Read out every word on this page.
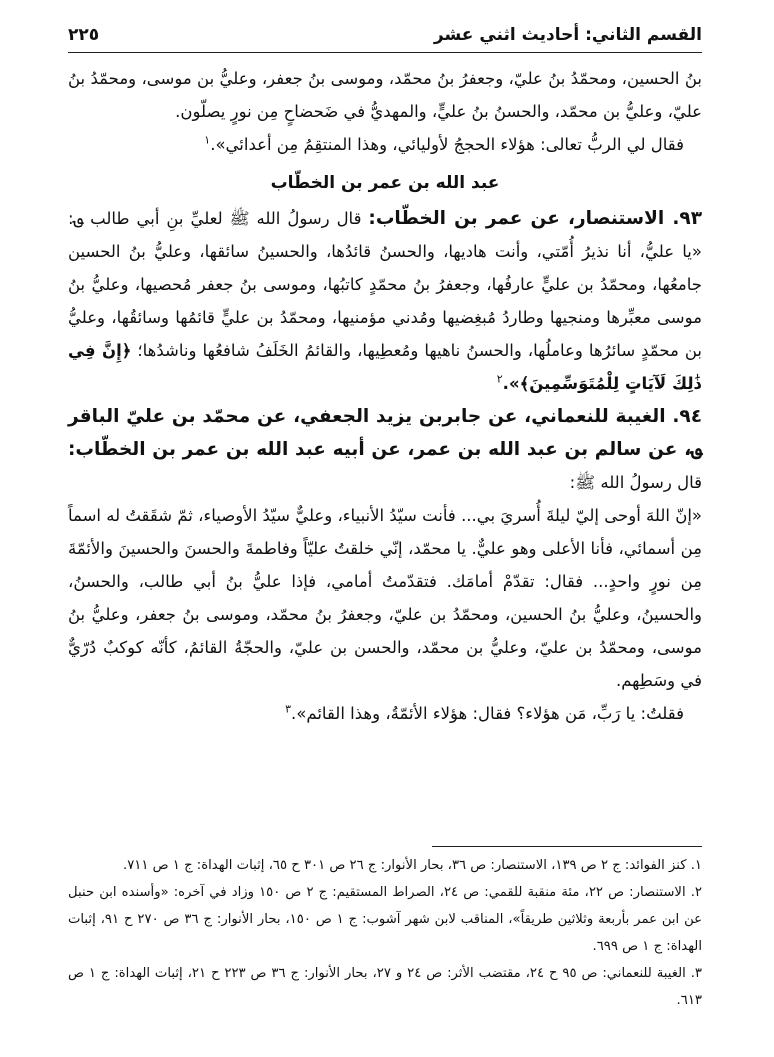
القسم الثاني: أحاديث اثني عشر
٢٢٥

بنُ الحسين، ومحمّدُ بنُ عليّ، وجعفرُ بنُ محمّد، وموسى بنُ جعفر، وعليُّ بن موسى، ومحمّدُ بنُ عليّ، وعليُّ بن محمّد، والحسنُ بنُ عليٍّ، والمهديُّ في ضَحضاحٍ مِن نورٍ يصلّون.

فقال لي الربُّ تعالى: هؤلاء الحججُ لأوليائي، وهذا المنتقِمُ مِن أعدائي».$^١$

عبد الله بن عمر بن الخطّاب

٩٣. الاستنصار، عن عمر بن الخطّاب: قال رسولُ الله ﷺ لعليِّ بنِ أبي طالب ؈: «يا عليُّ، أنا نذيرُ أُمّتي، وأنت هاديها، والحسنُ قائدُها، والحسينُ سائقها، وعليُّ بنُ الحسين جامعُها، ومحمّدُ بن عليٍّ عارفُها، وجعفرُ بنُ محمّدٍ كاتبُها، وموسى بنُ جعفر مُحصيها، وعليُّ بنُ موسى معبِّرها ومنجيها وطاردُ مُبغِضيها ومُدني مؤمنيها، ومحمّدُ بن عليٍّ قائمُها وسائقُها، وعليُّ بن محمّدٍ سائرُها وعاملُها، والحسنُ ناهيها ومُعطِيها، والقائمُ الخَلَفُ شافعُها وناشدُها؛ ﴿إِنَّ فِي ذَٰلِكَ لَآيَاتٍ لِلْمُتَوَسِّمِينَ﴾».$^٢$

٩٤. الغيبة للنعماني، عن جابربن يزيد الجعفي، عن محمّد بن عليّ الباقر ؈، عن سالم بن عبد الله بن عمر، عن أبيه عبد الله بن عمر بن الخطّاب: قال رسولُ الله ﷺ:

«إنّ اللهَ أوحى إليّ ليلةَ أُسريَ بي... فأنت سيّدُ الأنبياء، وعليٌّ سيّدُ الأوصياء، ثمّ شقَقتُ له اسماً مِن أسمائي، فأنا الأعلى وهو عليٌّ. يا محمّد، إنّي خلقتُ عليّاً وفاطمةَ والحسنَ والحسينَ والأئمّةَ مِن نورٍ واحدٍ... فقال: تقدّمْ أمامَك. فتقدّمتُ أمامي، فإذا عليُّ بنُ أبي طالب، والحسنُ، والحسينُ، وعليُّ بنُ الحسين، ومحمّدُ بن عليّ، وجعفرُ بنُ محمّد، وموسى بنُ جعفر، وعليُّ بنُ موسى، ومحمّدُ بن عليّ، وعليُّ بن محمّد، والحسن بن عليّ، والحجّةُ القائمُ، كأنّه كوكبٌ دُرّيٌّ في وسَطِهم.

فقلتُ: يا رَبِّ، مَن هؤلاء؟ فقال: هؤلاء الأئمّةُ، وهذا القائم».$^٣$

١. كنز الفوائد: ج ٢ ص ١٣٩، الاستنصار: ص ٣٦، بحار الأنوار: ج ٢٦ ص ٣٠١ ح ٦٥، إثبات الهداة: ج ١ ص ٧١١.

٢. الاستنصار: ص ٢٢، مئة منقبة للقمي: ص ٢٤، الصراط المستقيم: ج ٢ ص ١٥٠ وزاد في آخره: «وأسنده ابن حنبل عن ابن عمر بأربعة وثلاثين طريقاً»، المناقب لابن شهر آشوب: ج ١ ص ١٥٠، بحار الأنوار: ج ٣٦ ص ٢٧٠ ح ٩١، إثبات الهداة: ج ١ ص ٦٩٩.

٣. الغيبة للنعماني: ص ٩٥ ح ٢٤، مقتضب الأثر: ص ٢٤ و ٢٧، بحار الأنوار: ج ٣٦ ص ٢٢٣ ح ٢١، إثبات الهداة: ج ١ ص ٦١٣.
